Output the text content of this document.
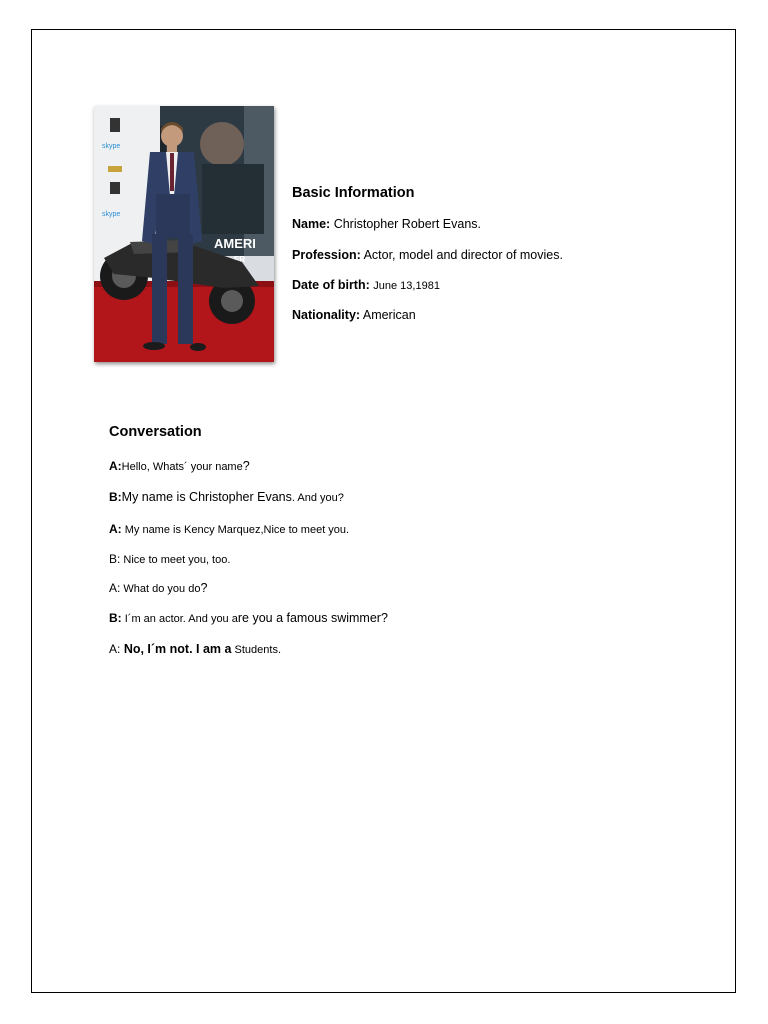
AMERI
ER
skype
skype
Basic Information
Name: Christopher Robert Evans.
Profession: Actor, model and director of movies.
Date of birth: June 13,1981
Nationality: American
Conversation
A:Hello, Whats´ your name?
B:My name is Christopher Evans. And you?
A: My name is Kency Marquez,Nice to meet you.
B: Nice to meet you, too.
A: What do you do?
B: I´m an actor. And you are you a famous swimmer?
A: No, I´m not. I am a Students.
